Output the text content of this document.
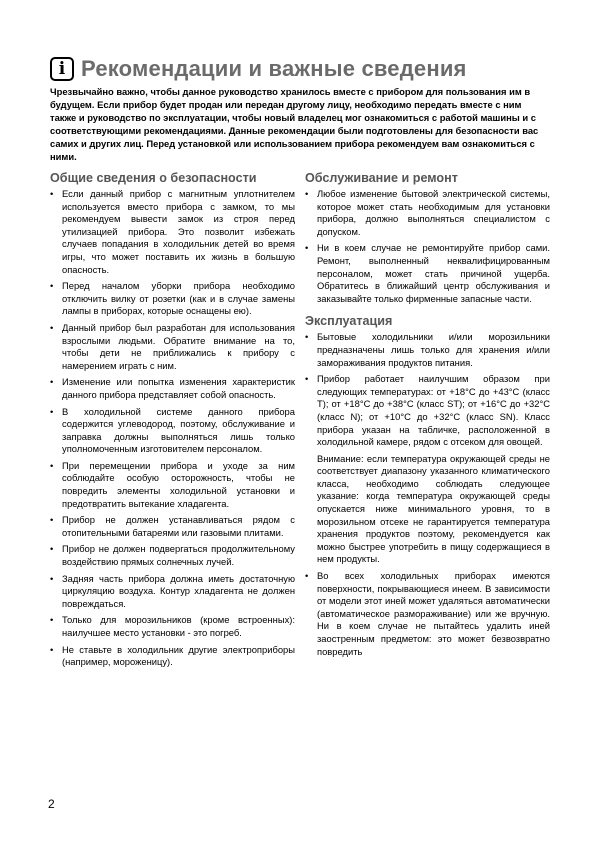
i Рекомендации и важные сведения

Чрезвычайно важно, чтобы данное руководство хранилось вместе с прибором для пользования им в будущем. Если прибор будет продан или передан другому лицу, необходимо передать вместе с ним также и руководство по эксплуатации, чтобы новый владелец мог ознакомиться с работой машины и с соответствующими рекомендациями. Данные рекомендации были подготовлены для безопасности вас самих и других лиц. Перед установкой или использованием прибора рекомендуем вам ознакомиться с ними.

Общие сведения о безопасности
• Если данный прибор с магнитным уплотнителем используется вместо прибора с замком, то мы рекомендуем вывести замок из строя перед утилизацией прибора. Это позволит избежать случаев попадания в холодильник детей во время игры, что может поставить их жизнь в большую опасность.
• Перед началом уборки прибора необходимо отключить вилку от розетки (как и в случае замены лампы в приборах, которые оснащены ею).
• Данный прибор был разработан для использования взрослыми людьми. Обратите внимание на то, чтобы дети не приближались к прибору с намерением играть с ним.
• Изменение или попытка изменения характеристик данного прибора представляет собой опасность.
• В холодильной системе данного прибора содержится углеводород, поэтому, обслуживание и заправка должны выполняться лишь только уполномоченным изготовителем персоналом.
• При перемещении прибора и уходе за ним соблюдайте особую осторожность, чтобы не повредить элементы холодильной установки и предотвратить вытекание хладагента.
• Прибор не должен устанавливаться рядом с отопительными батареями или газовыми плитами.
• Прибор не должен подвергаться продолжительному воздействию прямых солнечных лучей.
• Задняя часть прибора должна иметь достаточную циркуляцию воздуха. Контур хладагента не должен повреждаться.
• Только для морозильников (кроме встроенных): наилучшее место установки - это погреб.
• Не ставьте в холодильник другие электроприборы (например, мороженицу).
Обслуживание и ремонт
• Любое изменение бытовой электрической системы, которое может стать необходимым для установки прибора, должно выполняться специалистом с допуском.
• Ни в коем случае не ремонтируйте прибор сами. Ремонт, выполненный неквалифицированным персоналом, может стать причиной ущерба. Обратитесь в ближайший центр обслуживания и заказывайте только фирменные запасные части.
Эксплуатация
• Бытовые холодильники и/или морозильники предназначены лишь только для хранения и/или замораживания продуктов питания.
• Прибор работает наилучшим образом при следующих температурах: от +18°C до +43°C (класс T); от +18°C до +38°C (класс ST); от +16°C до +32°C (класс N); от +10°C до +32°C (класс SN). Класс прибора указан на табличке, расположенной в холодильной камере, рядом с отсеком для овощей.

Внимание: если температура окружающей среды не соответствует диапазону указанного климатического класса, необходимо соблюдать следующее указание: когда температура окружающей среды опускается ниже минимального уровня, то в морозильном отсеке не гарантируется температура хранения продуктов поэтому, рекомендуется как можно быстрее употребить в пищу содержащиеся в нем продукты.

• Во всех холодильных приборах имеются поверхности, покрывающиеся инеем. В зависимости от модели этот иней может удаляться автоматически (автоматическое размораживание) или же вручную. Ни в коем случае не пытайтесь удалить иней заостренным предметом: это может безвозвратно повредить
2
